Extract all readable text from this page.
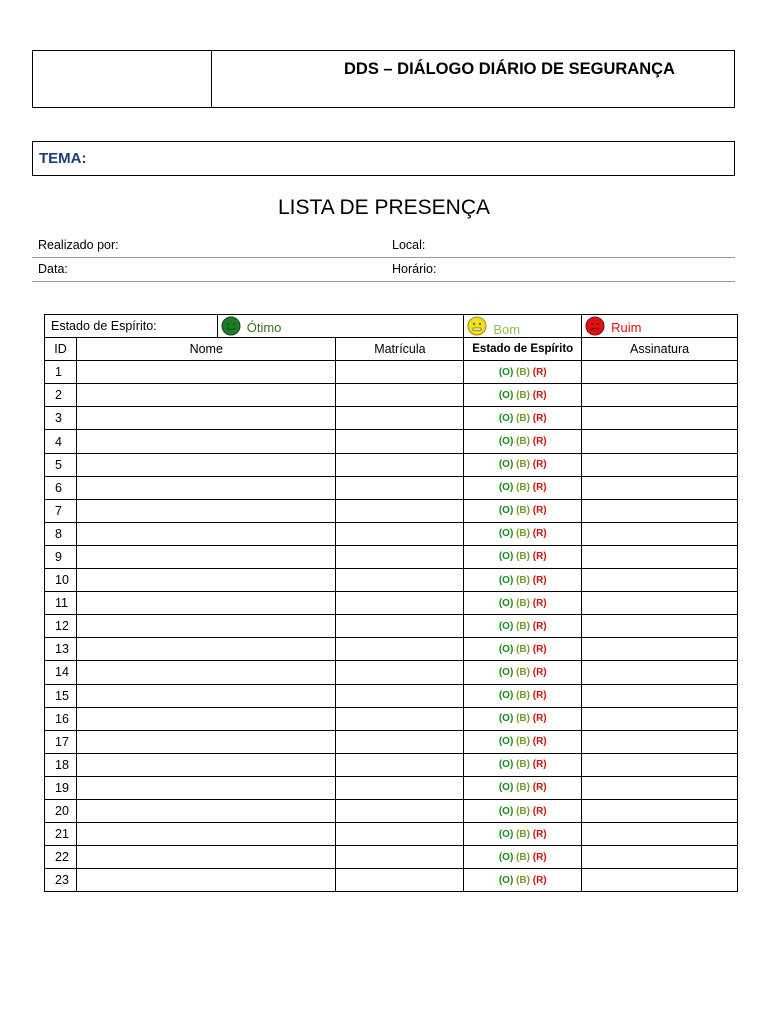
DDS – DIÁLOGO DIÁRIO DE SEGURANÇA
TEMA:
LISTA DE PRESENÇA
Realizado por:	Local:
Data:	Horário:
Estado de Espírito:		Ótimo		Bom	Ruim

ID	Nome		Matrícula	Estado de Espírito	Assinatura
1				(O) (B) (R)	
2				(O) (B) (R)	
3				(O) (B) (R)	
4				(O) (B) (R)	
5				(O) (B) (R)	
6				(O) (B) (R)	
7				(O) (B) (R)	
8				(O) (B) (R)	
9				(O) (B) (R)	
10				(O) (B) (R)	
11				(O) (B) (R)	
12				(O) (B) (R)	
13				(O) (B) (R)	
14				(O) (B) (R)	
15				(O) (B) (R)	
16				(O) (B) (R)	
17				(O) (B) (R)	
18				(O) (B) (R)	
19				(O) (B) (R)	
20				(O) (B) (R)	
21				(O) (B) (R)	
22				(O) (B) (R)	
23				(O) (B) (R)	
